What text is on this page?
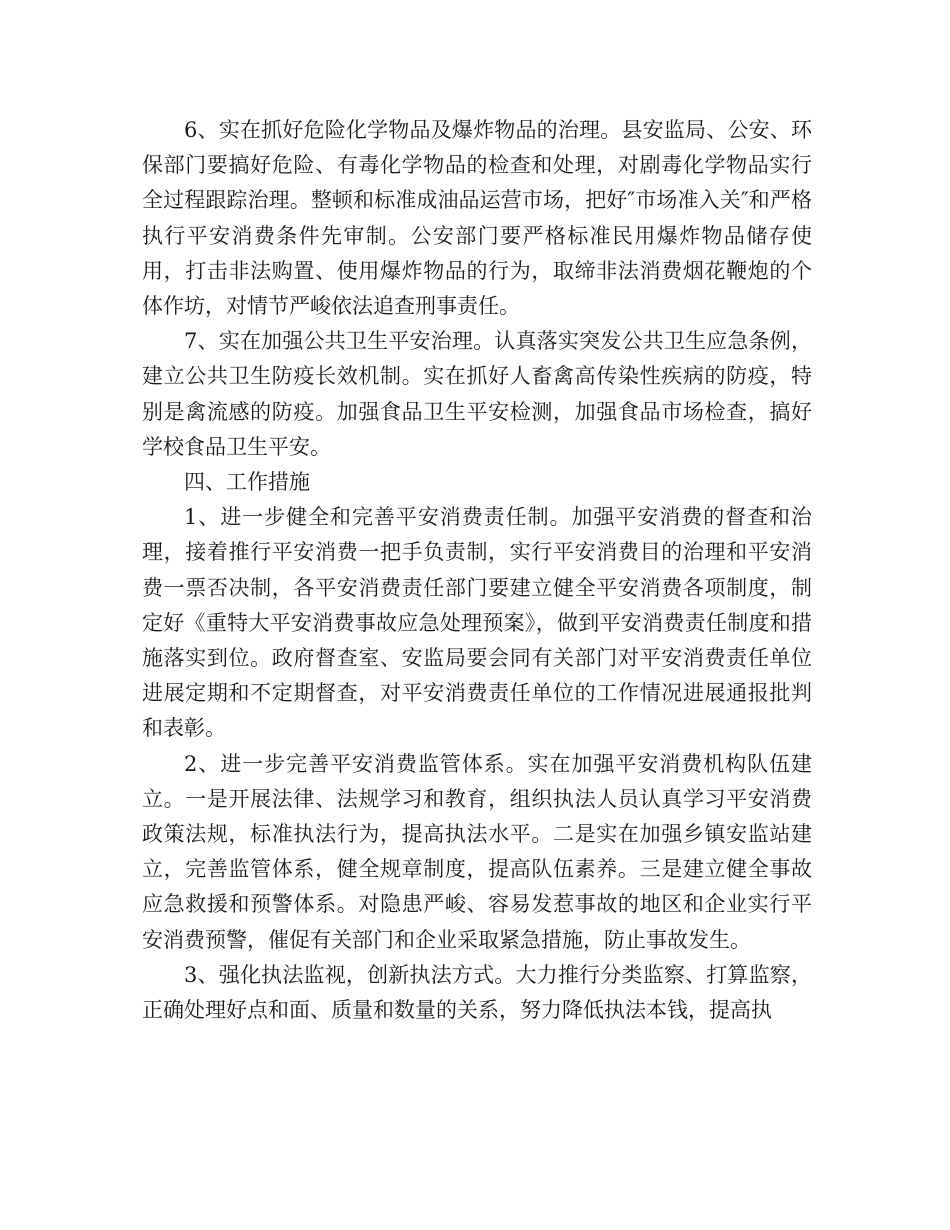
6、实在抓好危险化学物品及爆炸物品的治理。县安监局、公安、环保部门要搞好危险、有毒化学物品的检查和处理，对剧毒化学物品实行全过程跟踪治理。整顿和标准成油品运营市场，把好″市场准入关″和严格执行平安消费条件先审制。公安部门要严格标准民用爆炸物品储存使用，打击非法购置、使用爆炸物品的行为，取缔非法消费烟花鞭炮的个体作坊，对情节严峻依法追查刑事责任。

7、实在加强公共卫生平安治理。认真落实突发公共卫生应急条例，建立公共卫生防疫长效机制。实在抓好人畜禽高传染性疾病的防疫，特别是禽流感的防疫。加强食品卫生平安检测，加强食品市场检查，搞好学校食品卫生平安。

四、工作措施

1、进一步健全和完善平安消费责任制。加强平安消费的督查和治理，接着推行平安消费一把手负责制，实行平安消费目的治理和平安消费一票否决制，各平安消费责任部门要建立健全平安消费各项制度，制定好《重特大平安消费事故应急处理预案》，做到平安消费责任制度和措施落实到位。政府督查室、安监局要会同有关部门对平安消费责任单位进展定期和不定期督查，对平安消费责任单位的工作情况进展通报批判和表彰。

2、进一步完善平安消费监管体系。实在加强平安消费机构队伍建立。一是开展法律、法规学习和教育，组织执法人员认真学习平安消费政策法规，标准执法行为，提高执法水平。二是实在加强乡镇安监站建立，完善监管体系，健全规章制度，提高队伍素养。三是建立健全事故应急救援和预警体系。对隐患严峻、容易发惹事故的地区和企业实行平安消费预警，催促有关部门和企业采取紧急措施，防止事故发生。

3、强化执法监视，创新执法方式。大力推行分类监察、打算监察，正确处理好点和面、质量和数量的关系，努力降低执法本钱，提高执
